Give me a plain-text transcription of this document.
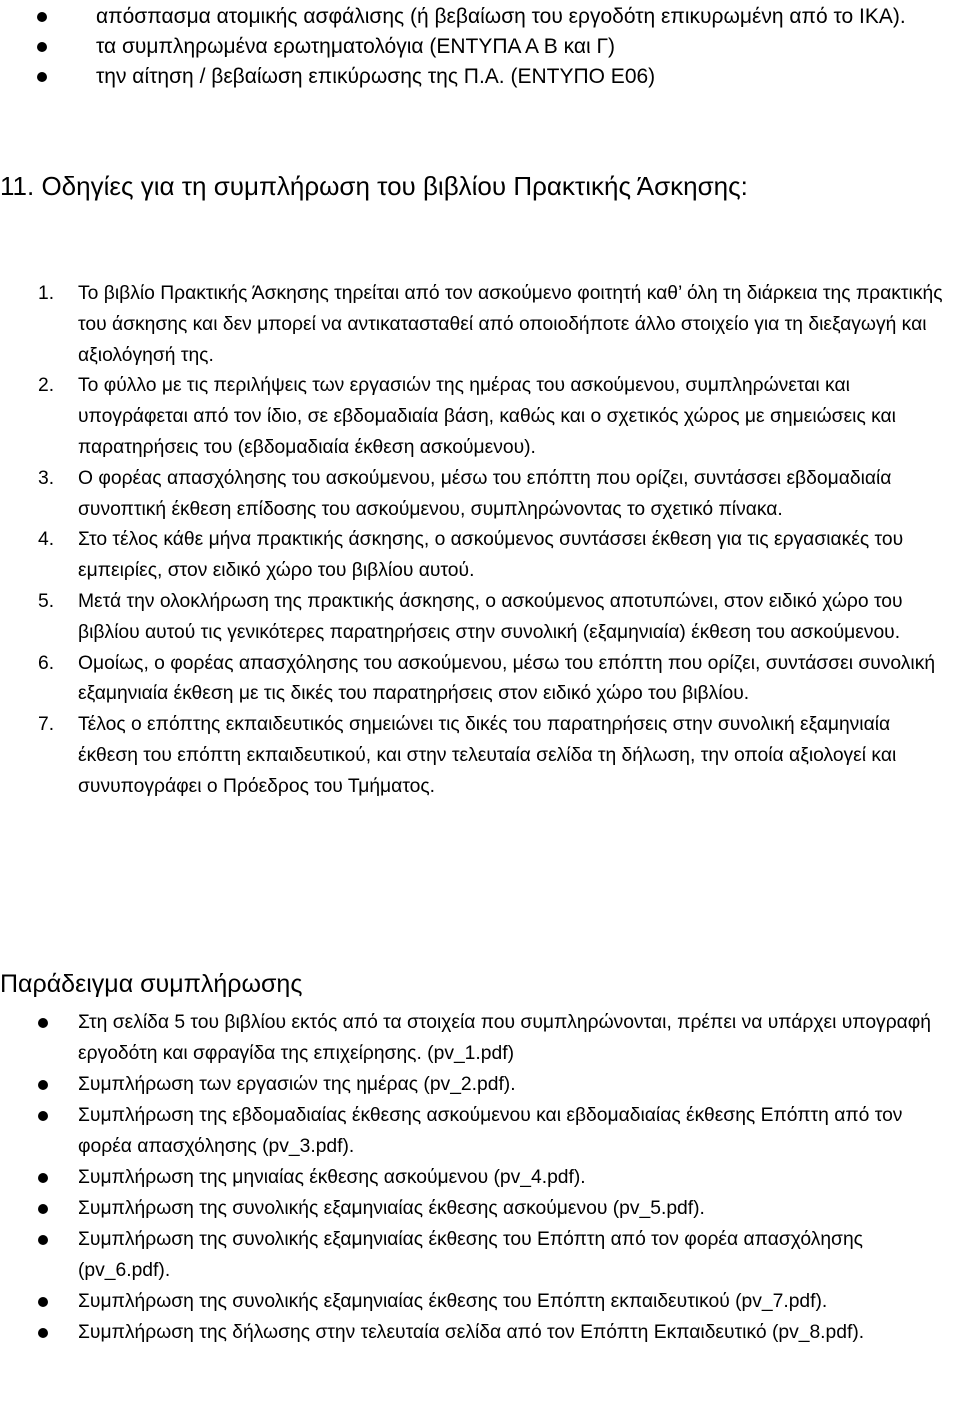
απόσπασμα ατομικής ασφάλισης (ή βεβαίωση του εργοδότη επικυρωμένη από το ΙΚΑ).
τα συμπληρωμένα ερωτηματολόγια (ΕΝΤΥΠΑ Α Β και Γ)
την αίτηση / βεβαίωση επικύρωσης της Π.Α. (ΕΝΤΥΠΟ Ε06)
11. Οδηγίες για τη συμπλήρωση του βιβλίου Πρακτικής Άσκησης:
1. Το βιβλίο Πρακτικής Άσκησης τηρείται από τον ασκούμενο φοιτητή καθ’ όλη τη διάρκεια της πρακτικής του άσκησης και δεν μπορεί να αντικατασταθεί από οποιοδήποτε άλλο στοιχείο για τη διεξαγωγή και αξιολόγησή της.
2. Το φύλλο με τις περιλήψεις των εργασιών της ημέρας του ασκούμενου, συμπληρώνεται και υπογράφεται από τον ίδιο, σε εβδομαδιαία βάση, καθώς και ο σχετικός χώρος με σημειώσεις και παρατηρήσεις του (εβδομαδιαία έκθεση ασκούμενου).
3. Ο φορέας απασχόλησης του ασκούμενου, μέσω του επόπτη που ορίζει, συντάσσει εβδομαδιαία συνοπτική έκθεση επίδοσης του ασκούμενου, συμπληρώνοντας το σχετικό πίνακα.
4. Στο τέλος κάθε μήνα πρακτικής άσκησης, ο ασκούμενος συντάσσει έκθεση για τις εργασιακές του εμπειρίες, στον ειδικό χώρο του βιβλίου αυτού.
5. Μετά την ολοκλήρωση της πρακτικής άσκησης, ο ασκούμενος αποτυπώνει, στον ειδικό χώρο του βιβλίου αυτού τις γενικότερες παρατηρήσεις στην συνολική (εξαμηνιαία) έκθεση του ασκούμενου.
6. Ομοίως, ο φορέας απασχόλησης του ασκούμενου, μέσω του επόπτη που ορίζει, συντάσσει συνολική εξαμηνιαία έκθεση με τις δικές του παρατηρήσεις στον ειδικό χώρο του βιβλίου.
7. Τέλος ο επόπτης εκπαιδευτικός σημειώνει τις δικές του παρατηρήσεις στην συνολική εξαμηνιαία έκθεση του επόπτη εκπαιδευτικού, και στην τελευταία σελίδα τη δήλωση, την οποία αξιολογεί και συνυπογράφει ο Πρόεδρος του Τμήματος.
Παράδειγμα συμπλήρωσης
Στη σελίδα 5 του βιβλίου εκτός από τα στοιχεία που συμπληρώνονται, πρέπει να υπάρχει υπογραφή εργοδότη και σφραγίδα της επιχείρησης. (pv_1.pdf)
Συμπλήρωση των εργασιών της ημέρας (pv_2.pdf).
Συμπλήρωση της εβδομαδιαίας έκθεσης ασκούμενου και εβδομαδιαίας έκθεσης Επόπτη από τον φορέα απασχόλησης (pv_3.pdf).
Συμπλήρωση της μηνιαίας έκθεσης ασκούμενου (pv_4.pdf).
Συμπλήρωση της συνολικής εξαμηνιαίας έκθεσης ασκούμενου (pv_5.pdf).
Συμπλήρωση της συνολικής εξαμηνιαίας έκθεσης του Επόπτη από τον φορέα απασχόλησης (pv_6.pdf).
Συμπλήρωση της συνολικής εξαμηνιαίας έκθεσης του Επόπτη εκπαιδευτικού (pv_7.pdf).
Συμπλήρωση της δήλωσης στην τελευταία σελίδα από τον Επόπτη Εκπαιδευτικό (pv_8.pdf).
